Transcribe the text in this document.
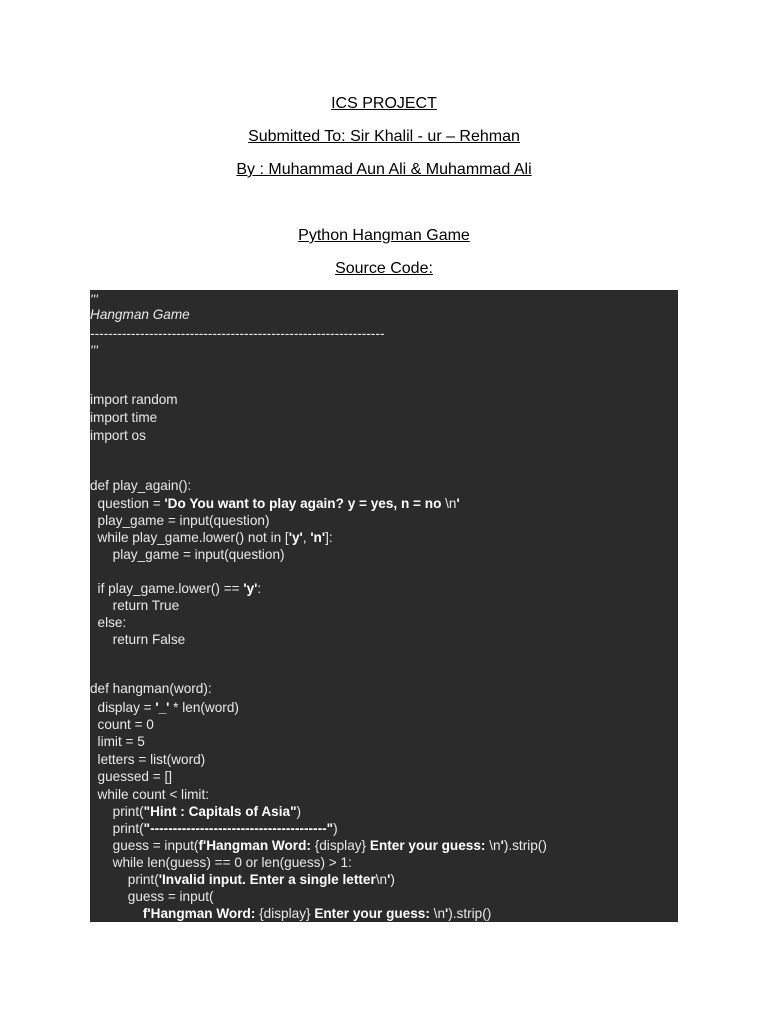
ICS PROJECT
Submitted To: Sir Khalil - ur – Rehman
By : Muhammad Aun Ali & Muhammad Ali
Python Hangman Game
Source Code:
'''
Hangman Game
-----------------------------------------------------------------
'''
import random
import time
import os
def play_again():
question = 'Do You want to play again? y = yes, n = no \n'
play_game = input(question)
while play_game.lower() not in ['y', 'n']:
play_game = input(question)
if play_game.lower() == 'y':
return True
else:
return False
def hangman(word):
display = '_' * len(word)
count = 0
limit = 5
letters = list(word)
guessed = []
while count < limit:
print("Hint : Capitals of Asia")
print("---------------------------------------")
guess = input(f'Hangman Word: {display} Enter your guess: \n').strip()
while len(guess) == 0 or len(guess) > 1:
print('Invalid input. Enter a single letter\n')
guess = input(
f'Hangman Word: {display} Enter your guess: \n').strip()
